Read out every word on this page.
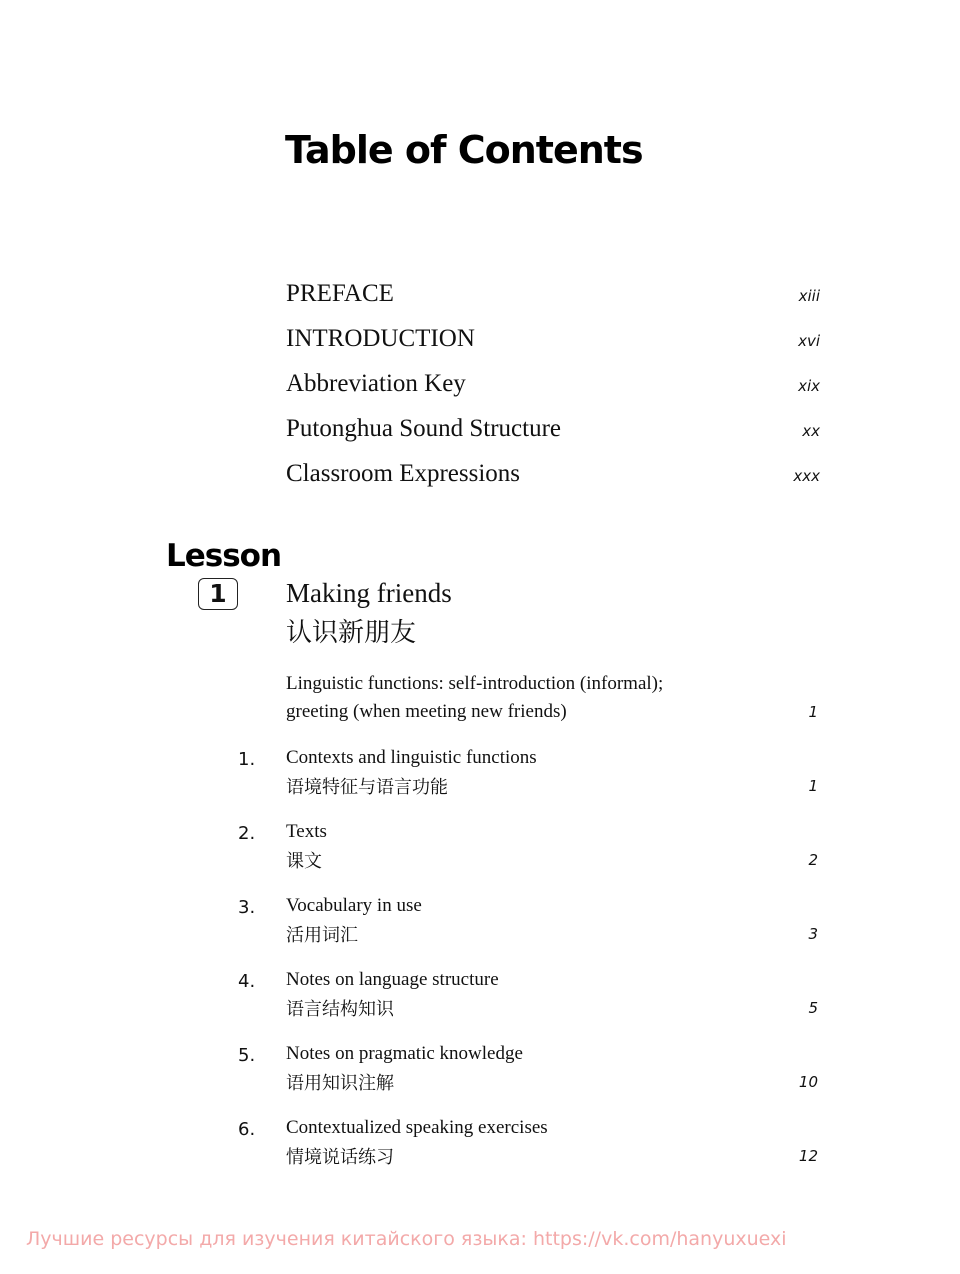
Table of Contents
PREFACE	xiii
INTRODUCTION	xvi
Abbreviation Key	xix
Putonghua Sound Structure	xx
Classroom Expressions	xxx
Lesson
1	Making friends
认识新朋友
Linguistic functions: self-introduction (informal);
greeting (when meeting new friends)	1
1. Contexts and linguistic functions
语境特征与语言功能	1
2. Texts
课文	2
3. Vocabulary in use
活用词汇	3
4. Notes on language structure
语言结构知识	5
5. Notes on pragmatic knowledge
语用知识注解	10
6. Contextualized speaking exercises
情境说话练习	12
Лучшие ресурсы для изучения китайского языка: https://vk.com/hanyuxuexi
